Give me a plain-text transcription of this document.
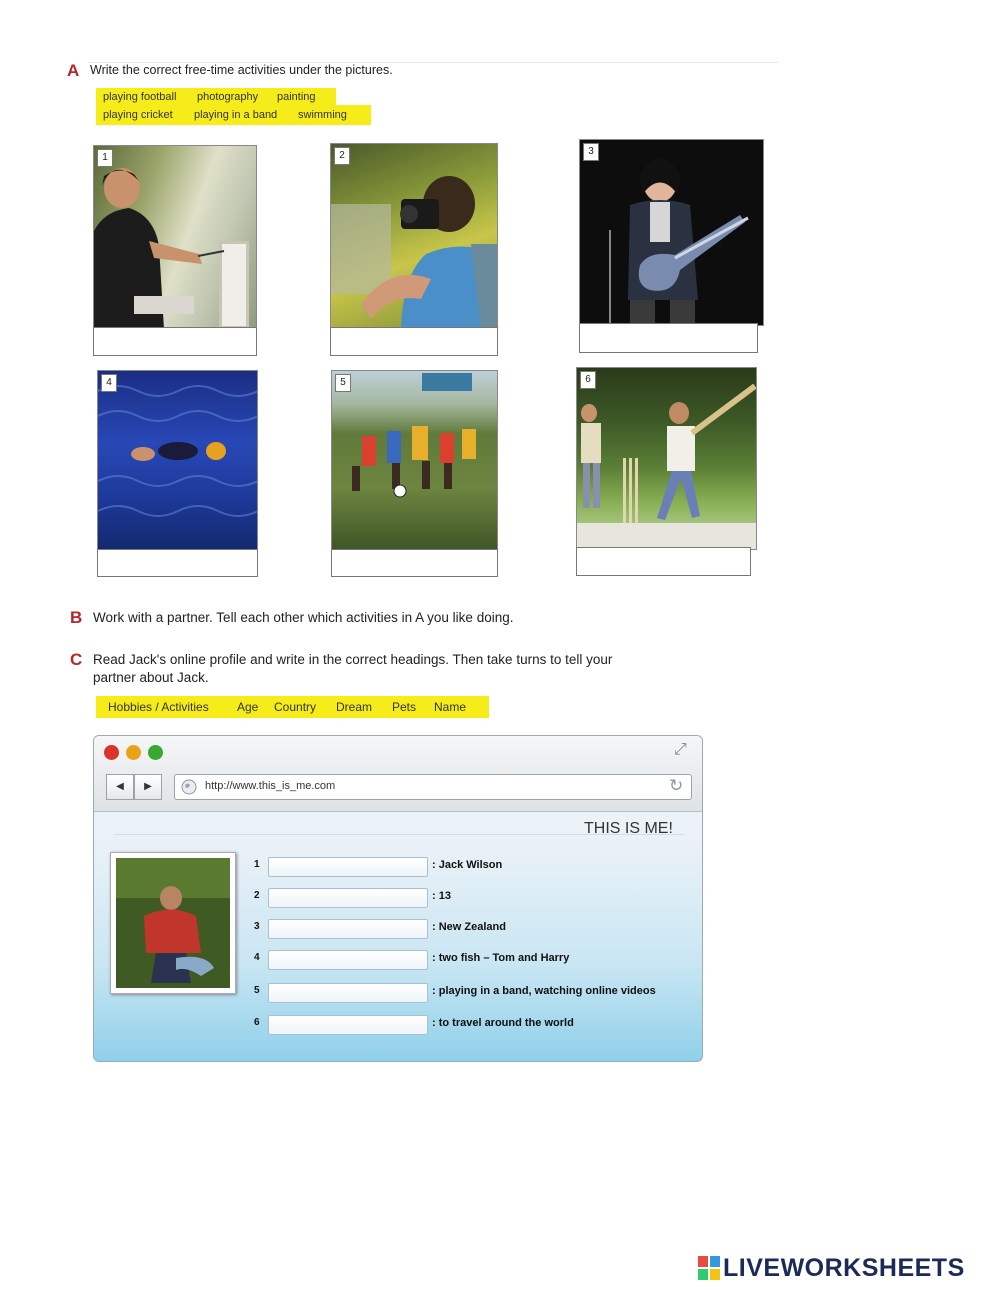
A Write the correct free-time activities under the pictures.
playing football photography painting
playing cricket playing in a band swimming
1	2	3
4	5	6
B Work with a partner. Tell each other which activities in A you like doing.
C Read Jack's online profile and write in the correct headings. Then take turns to tell your
partner about Jack.
Hobbies / Activities Age Country Dream Pets Name
⤢
◀	▶	http://www.this_is_me.com	↻
THIS IS ME!
1	: Jack Wilson
2	: 13
3	: New Zealand
4	: two fish – Tom and Harry
5	: playing in a band, watching online videos
6	: to travel around the world
LIVEWORKSHEETS
